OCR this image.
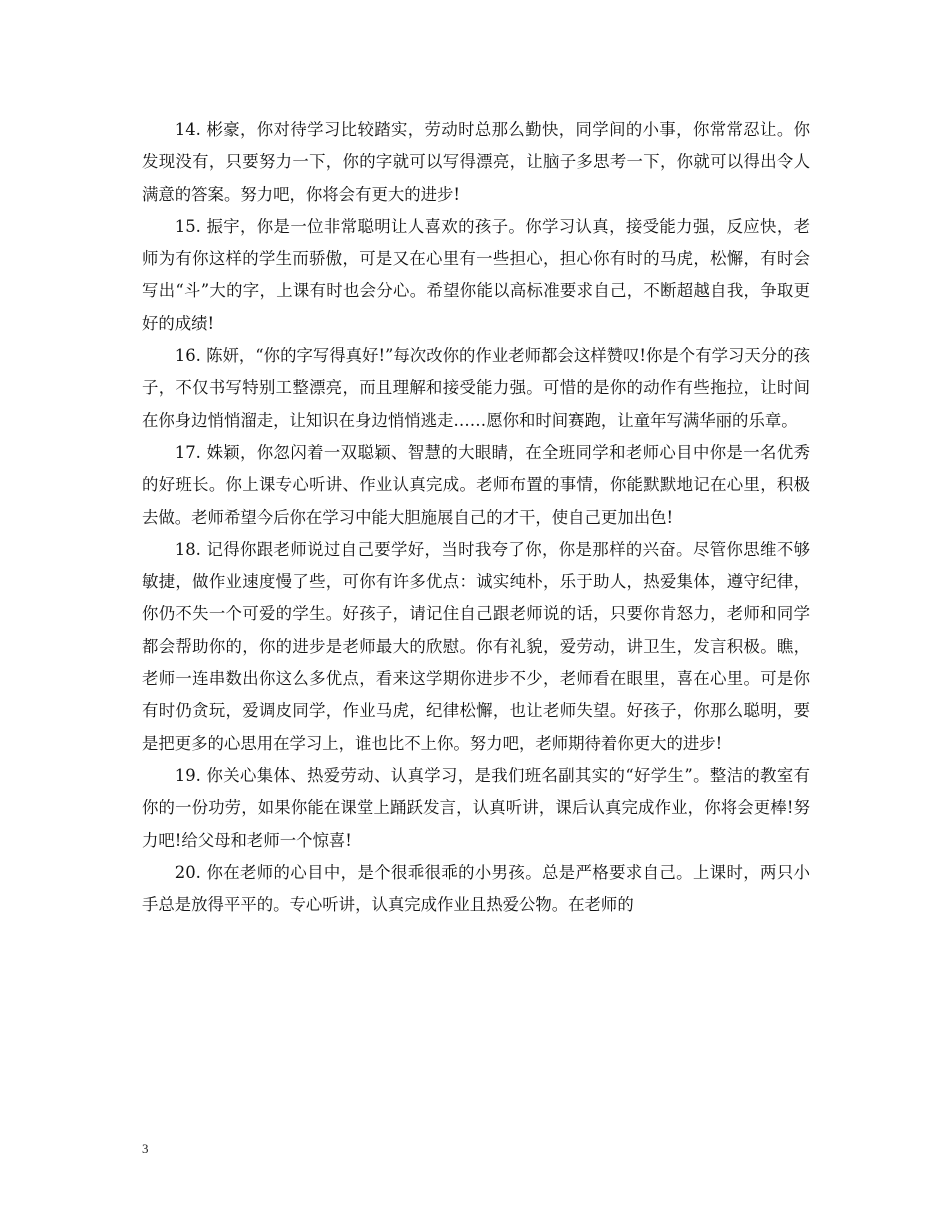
14. 彬豪，你对待学习比较踏实，劳动时总那么勤快，同学间的小事，你常常忍让。你发现没有，只要努力一下，你的字就可以写得漂亮，让脑子多思考一下，你就可以得出令人满意的答案。努力吧，你将会有更大的进步!

15. 振宇，你是一位非常聪明让人喜欢的孩子。你学习认真，接受能力强，反应快，老师为有你这样的学生而骄傲，可是又在心里有一些担心，担心你有时的马虎，松懈，有时会写出“斗”大的字，上课有时也会分心。希望你能以高标准要求自己，不断超越自我，争取更好的成绩!

16. 陈妍，“你的字写得真好!”每次改你的作业老师都会这样赞叹!你是个有学习天分的孩子，不仅书写特别工整漂亮，而且理解和接受能力强。可惜的是你的动作有些拖拉，让时间在你身边悄悄溜走，让知识在身边悄悄逃走……愿你和时间赛跑，让童年写满华丽的乐章。

17. 姝颖，你忽闪着一双聪颖、智慧的大眼睛，在全班同学和老师心目中你是一名优秀的好班长。你上课专心听讲、作业认真完成。老师布置的事情，你能默默地记在心里，积极去做。老师希望今后你在学习中能大胆施展自己的才干，使自己更加出色!

18. 记得你跟老师说过自己要学好，当时我夸了你，你是那样的兴奋。尽管你思维不够敏捷，做作业速度慢了些，可你有许多优点：诚实纯朴，乐于助人，热爱集体，遵守纪律，你仍不失一个可爱的学生。好孩子，请记住自己跟老师说的话，只要你肯怒力，老师和同学都会帮助你的，你的进步是老师最大的欣慰。你有礼貌，爱劳动，讲卫生，发言积极。瞧，老师一连串数出你这么多优点，看来这学期你进步不少，老师看在眼里，喜在心里。可是你有时仍贪玩，爱调皮同学，作业马虎，纪律松懈，也让老师失望。好孩子，你那么聪明，要是把更多的心思用在学习上，谁也比不上你。努力吧，老师期待着你更大的进步!

19. 你关心集体、热爱劳动、认真学习，是我们班名副其实的“好学生”。整洁的教室有你的一份功劳，如果你能在课堂上踊跃发言，认真听讲，课后认真完成作业，你将会更棒!努力吧!给父母和老师一个惊喜!

20. 你在老师的心目中，是个很乖很乖的小男孩。总是严格要求自己。上课时，两只小手总是放得平平的。专心听讲，认真完成作业且热爱公物。在老师的

3
